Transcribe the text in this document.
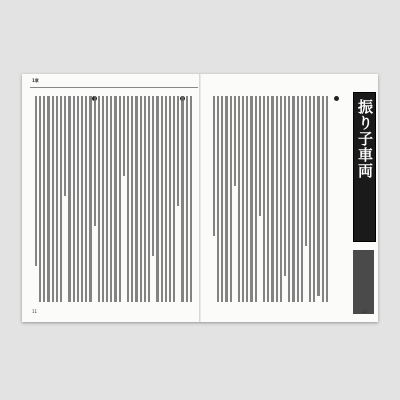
1章
振り子車両
11	12
